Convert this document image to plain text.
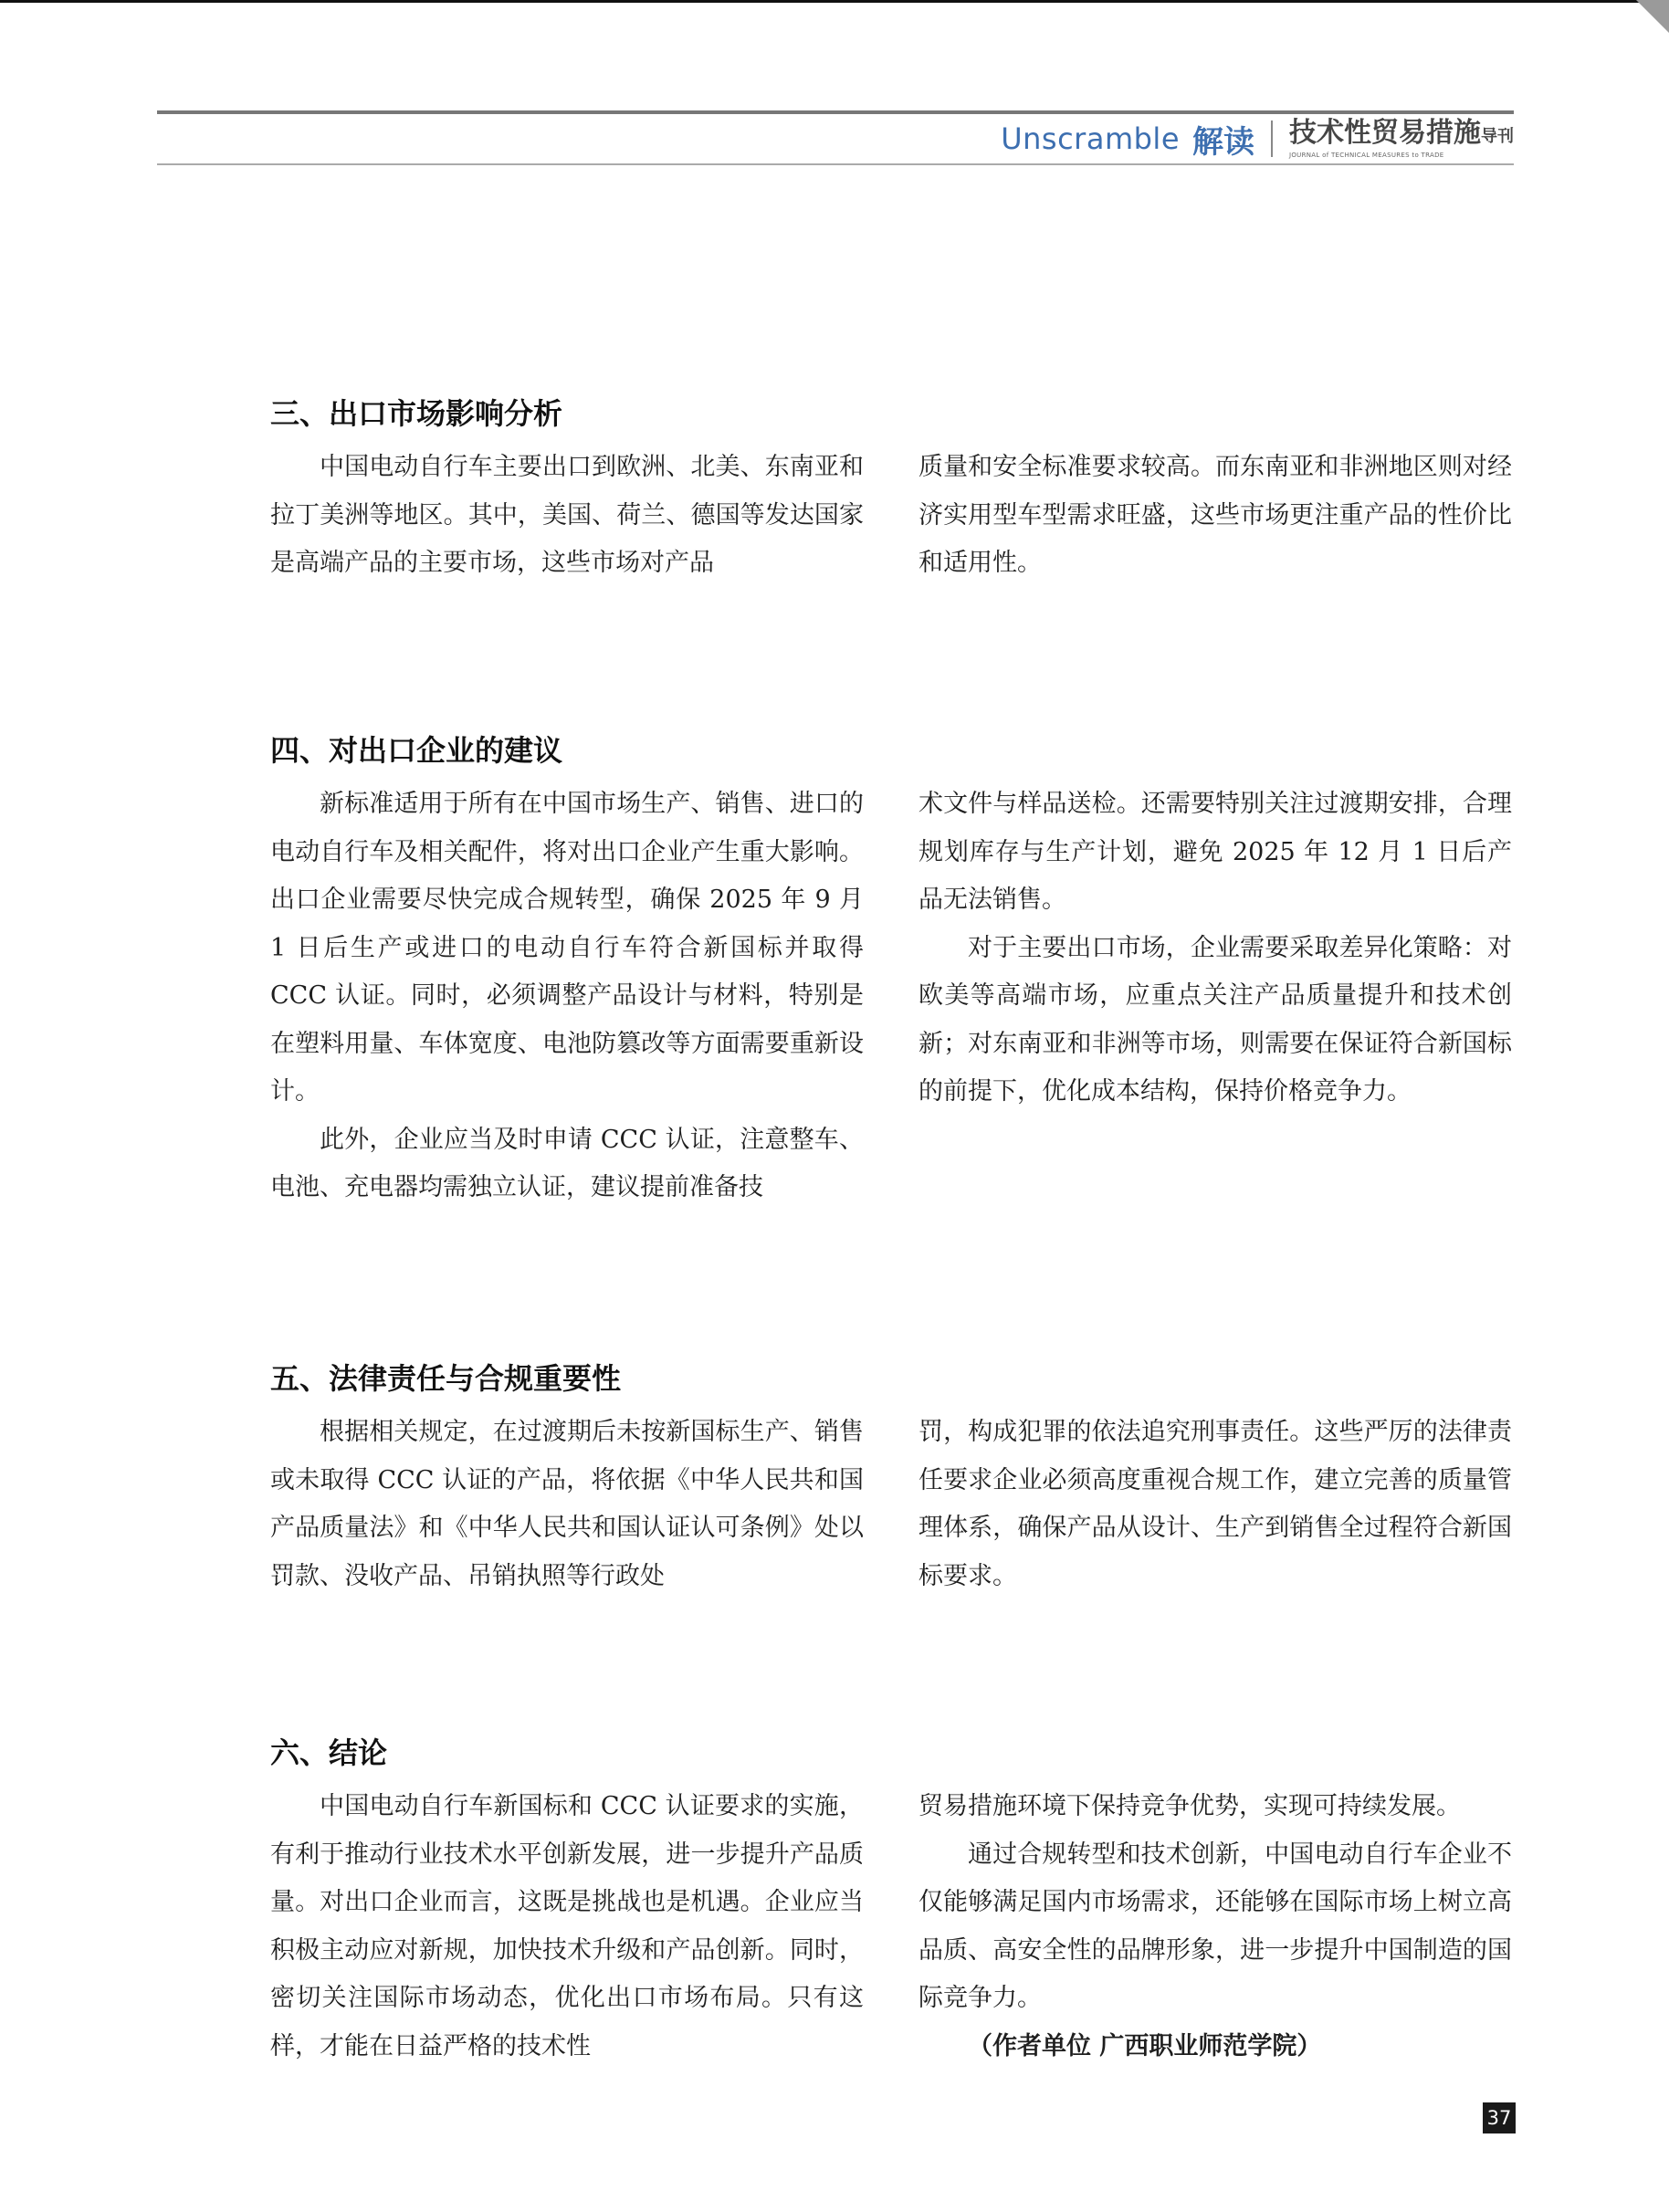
Unscramble 解读 技术性贸易措施导刊
JOURNAL of TECHNICAL MEASURES to TRADE
三、出口市场影响分析

中国电动自行车主要出口到欧洲、北美、东南亚和拉丁美洲等地区。其中，美国、荷兰、德国等发达国家是高端产品的主要市场，这些市场对产品

质量和安全标准要求较高。而东南亚和非洲地区则对经济实用型车型需求旺盛，这些市场更注重产品的性价比和适用性。

四、对出口企业的建议

新标准适用于所有在中国市场生产、销售、进口的电动自行车及相关配件，将对出口企业产生重大影响。出口企业需要尽快完成合规转型，确保 2025 年 9 月 1 日后生产或进口的电动自行车符合新国标并取得 CCC 认证。同时，必须调整产品设计与材料，特别是在塑料用量、车体宽度、电池防篡改等方面需要重新设计。

此外，企业应当及时申请 CCC 认证，注意整车、电池、充电器均需独立认证，建议提前准备技

术文件与样品送检。还需要特别关注过渡期安排，合理规划库存与生产计划，避免 2025 年 12 月 1 日后产品无法销售。

对于主要出口市场，企业需要采取差异化策略：对欧美等高端市场，应重点关注产品质量提升和技术创新；对东南亚和非洲等市场，则需要在保证符合新国标的前提下，优化成本结构，保持价格竞争力。

五、法律责任与合规重要性

根据相关规定，在过渡期后未按新国标生产、销售或未取得 CCC 认证的产品，将依据《中华人民共和国产品质量法》和《中华人民共和国认证认可条例》处以罚款、没收产品、吊销执照等行政处

罚，构成犯罪的依法追究刑事责任。这些严厉的法律责任要求企业必须高度重视合规工作，建立完善的质量管理体系，确保产品从设计、生产到销售全过程符合新国标要求。

六、结论

中国电动自行车新国标和 CCC 认证要求的实施，有利于推动行业技术水平创新发展，进一步提升产品质量。对出口企业而言，这既是挑战也是机遇。企业应当积极主动应对新规，加快技术升级和产品创新。同时，密切关注国际市场动态，优化出口市场布局。只有这样，才能在日益严格的技术性

贸易措施环境下保持竞争优势，实现可持续发展。

通过合规转型和技术创新，中国电动自行车企业不仅能够满足国内市场需求，还能够在国际市场上树立高品质、高安全性的品牌形象，进一步提升中国制造的国际竞争力。

（作者单位 广西职业师范学院）

37
